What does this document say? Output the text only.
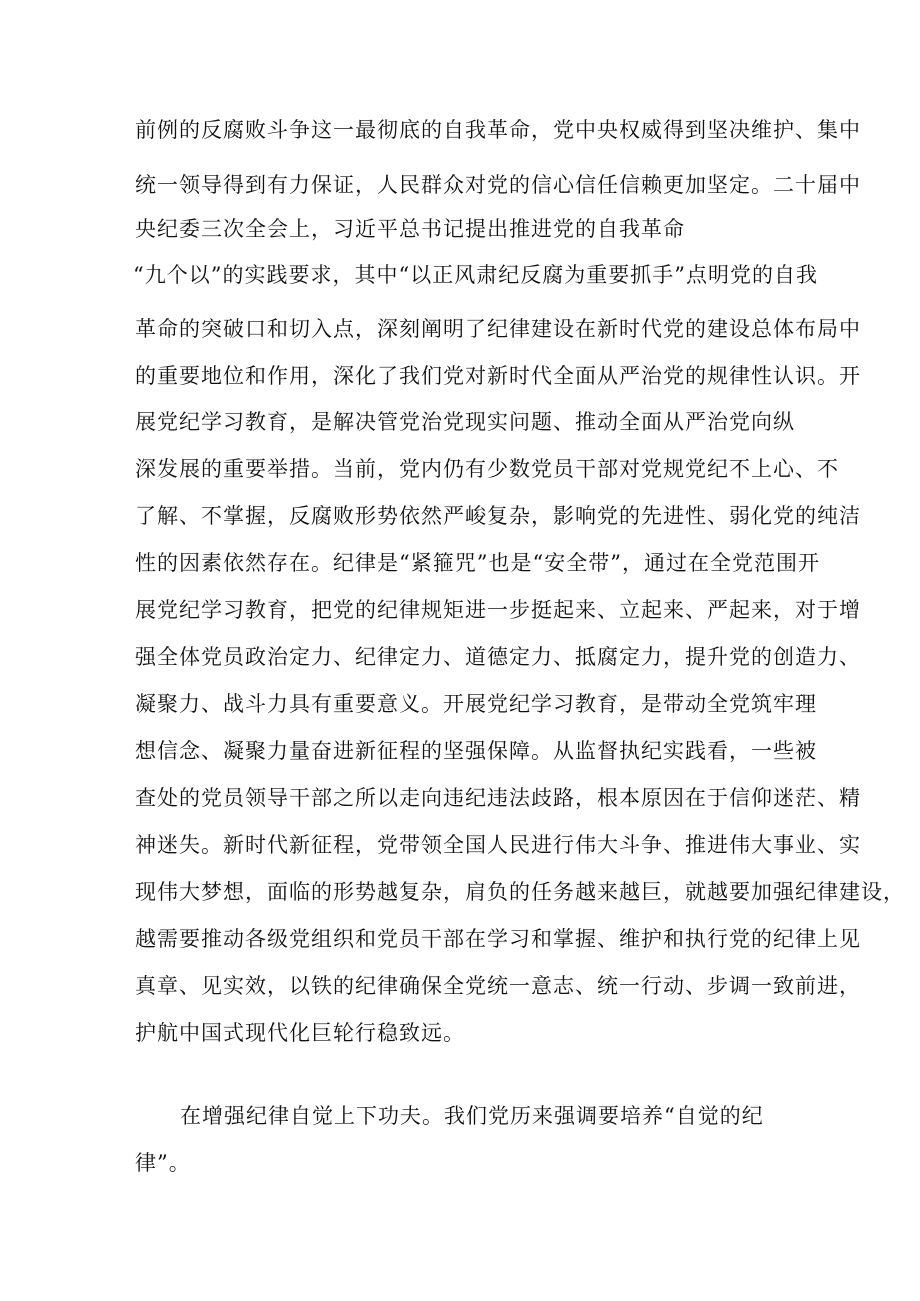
前例的反腐败斗争这一最彻底的自我革命，党中央权威得到坚决维护、集中
统一领导得到有力保证，人民群众对党的信心信任信赖更加坚定。二十届中
央纪委三次全会上，习近平总书记提出推进党的自我革命
“九个以”的实践要求，其中“以正风肃纪反腐为重要抓手”点明党的自我
革命的突破口和切入点，深刻阐明了纪律建设在新时代党的建设总体布局中
的重要地位和作用，深化了我们党对新时代全面从严治党的规律性认识。开
展党纪学习教育，是解决管党治党现实问题、推动全面从严治党向纵
深发展的重要举措。当前，党内仍有少数党员干部对党规党纪不上心、不
了解、不掌握，反腐败形势依然严峻复杂，影响党的先进性、弱化党的纯洁
性的因素依然存在。纪律是“紧箍咒”也是“安全带”，通过在全党范围开
展党纪学习教育，把党的纪律规矩进一步挺起来、立起来、严起来，对于增
强全体党员政治定力、纪律定力、道德定力、抵腐定力，提升党的创造力、
凝聚力、战斗力具有重要意义。开展党纪学习教育，是带动全党筑牢理
想信念、凝聚力量奋进新征程的坚强保障。从监督执纪实践看，一些被
查处的党员领导干部之所以走向违纪违法歧路，根本原因在于信仰迷茫、精
神迷失。新时代新征程，党带领全国人民进行伟大斗争、推进伟大事业、实
现伟大梦想，面临的形势越复杂，肩负的任务越来越巨，就越要加强纪律建设，
越需要推动各级党组织和党员干部在学习和掌握、维护和执行党的纪律上见
真章、见实效，以铁的纪律确保全党统一意志、统一行动、步调一致前进，
护航中国式现代化巨轮行稳致远。
在增强纪律自觉上下功夫。我们党历来强调要培养“自觉的纪
律”。
